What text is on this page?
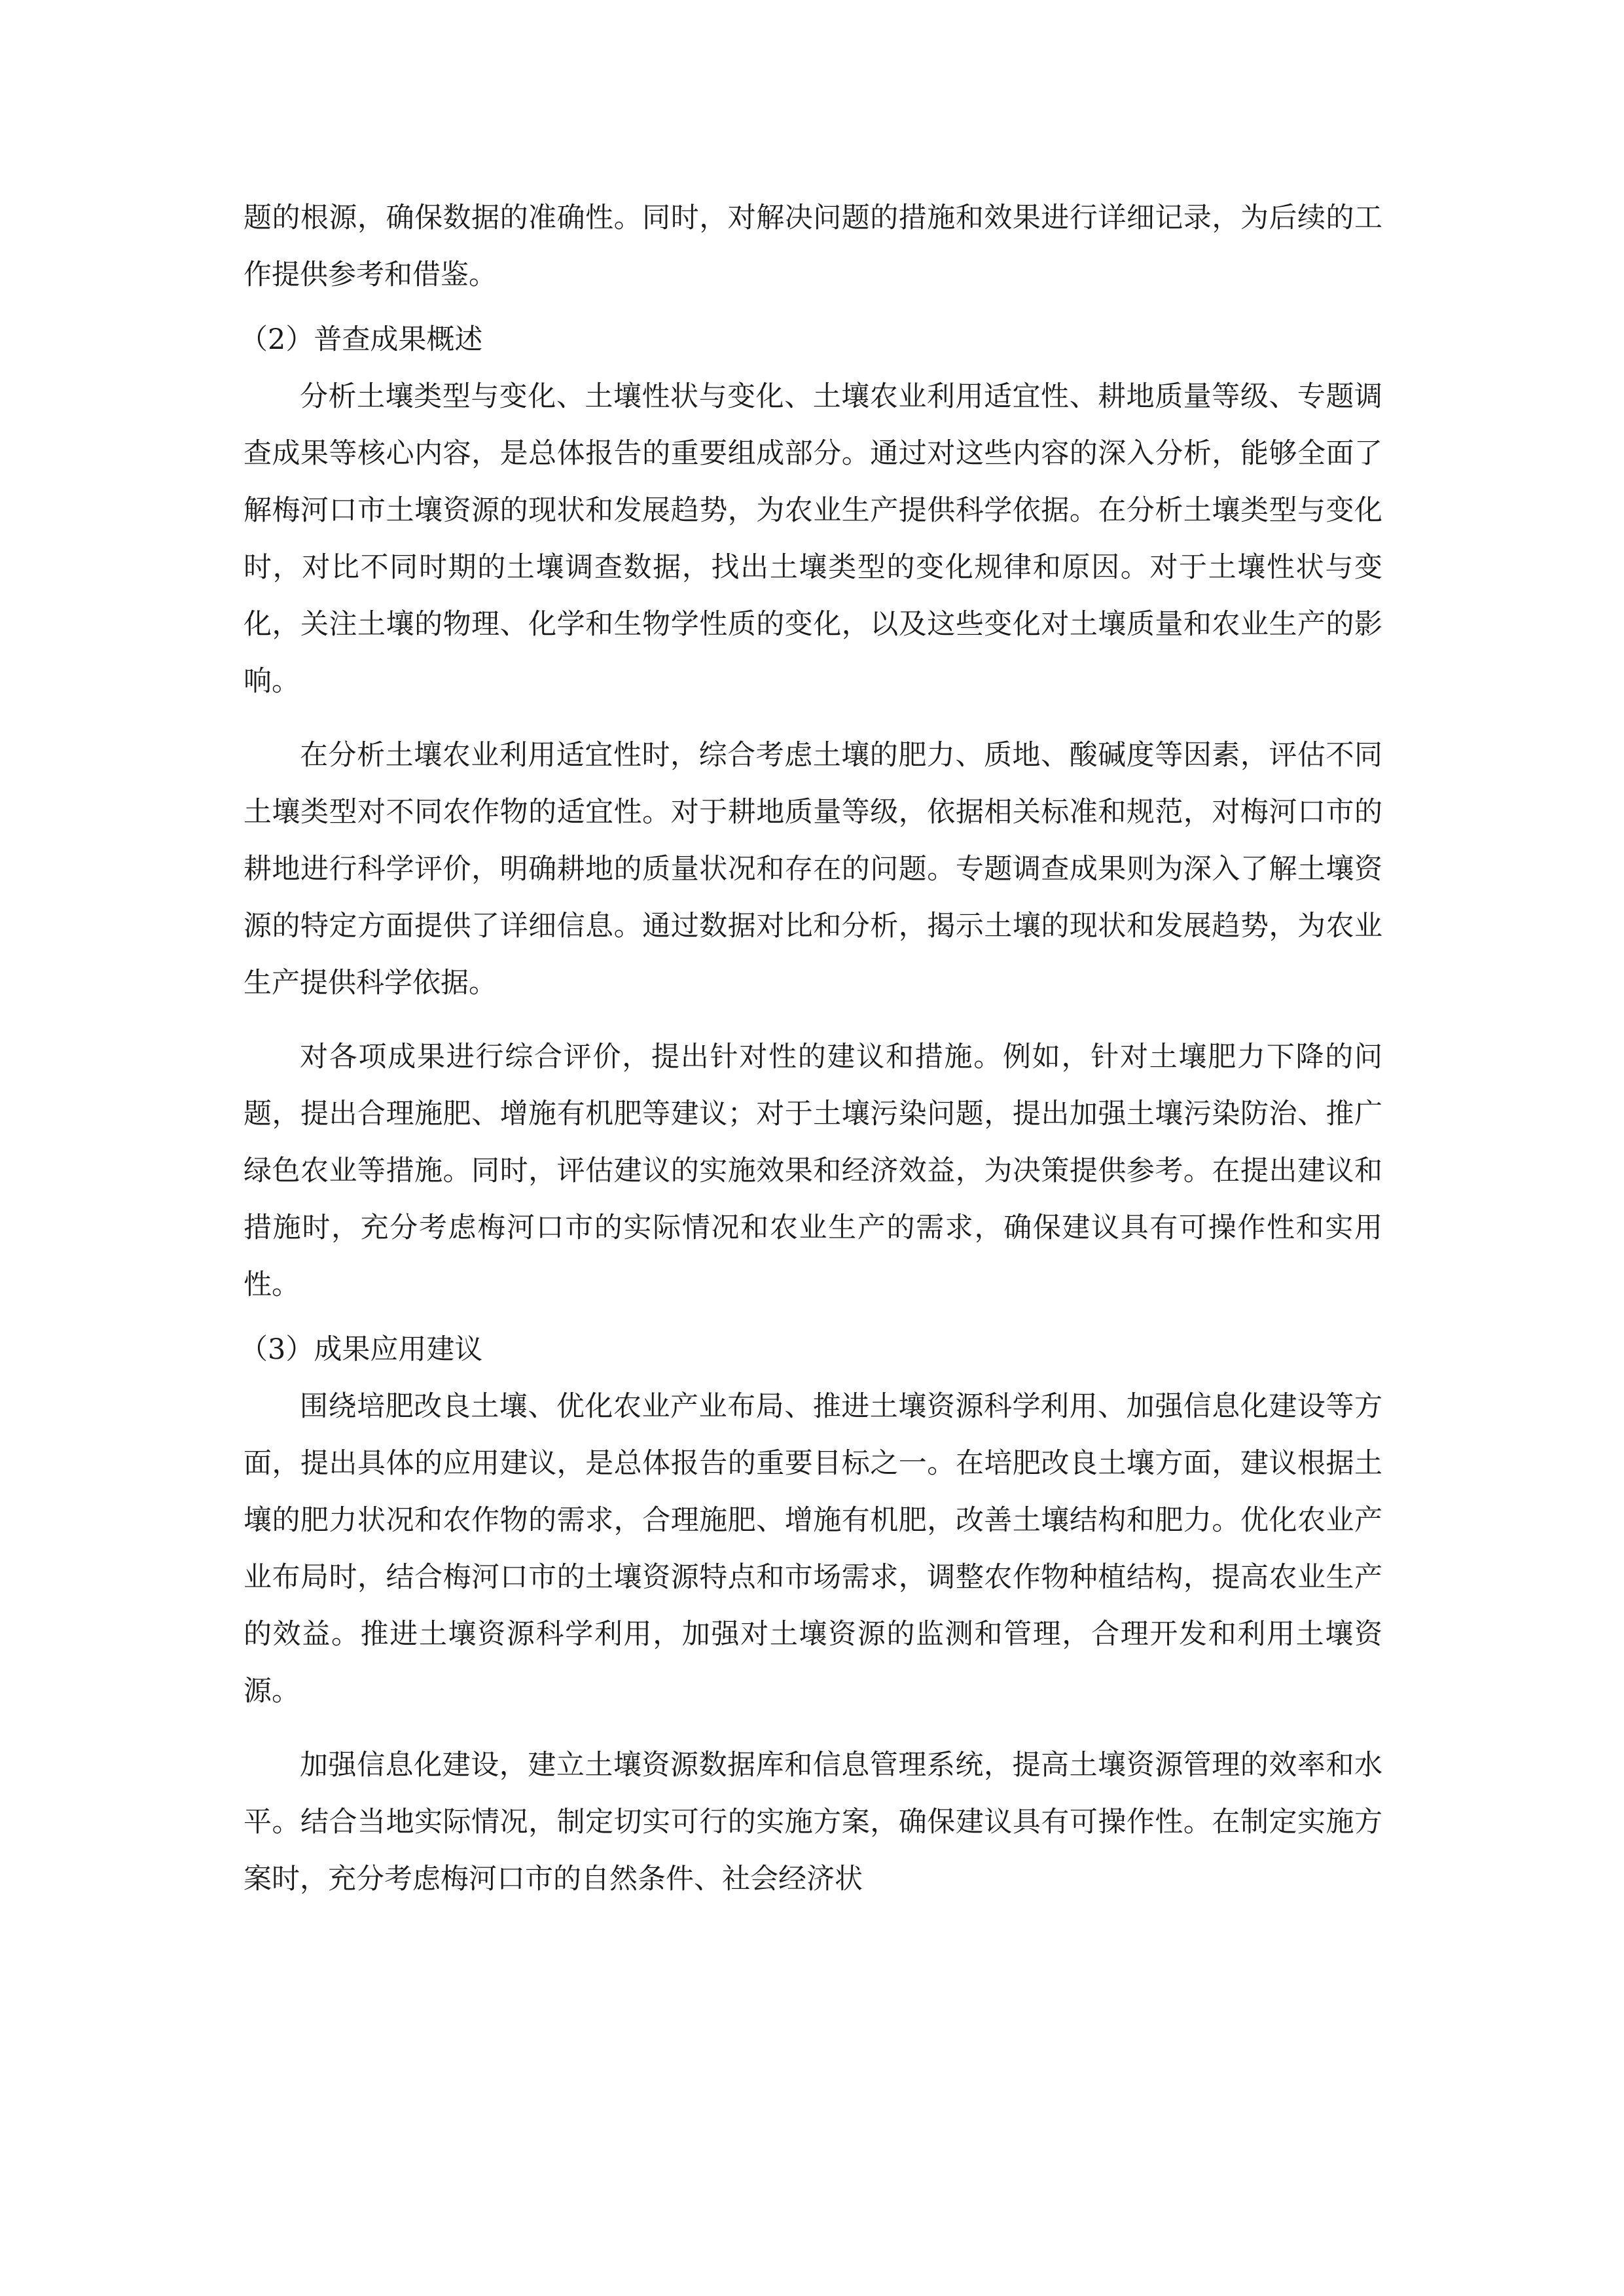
题的根源，确保数据的准确性。同时，对解决问题的措施和效果进行详细记录，为后续的工作提供参考和借鉴。

（2）普查成果概述

分析土壤类型与变化、土壤性状与变化、土壤农业利用适宜性、耕地质量等级、专题调查成果等核心内容，是总体报告的重要组成部分。通过对这些内容的深入分析，能够全面了解梅河口市土壤资源的现状和发展趋势，为农业生产提供科学依据。在分析土壤类型与变化时，对比不同时期的土壤调查数据，找出土壤类型的变化规律和原因。对于土壤性状与变化，关注土壤的物理、化学和生物学性质的变化，以及这些变化对土壤质量和农业生产的影响。

在分析土壤农业利用适宜性时，综合考虑土壤的肥力、质地、酸碱度等因素，评估不同土壤类型对不同农作物的适宜性。对于耕地质量等级，依据相关标准和规范，对梅河口市的耕地进行科学评价，明确耕地的质量状况和存在的问题。专题调查成果则为深入了解土壤资源的特定方面提供了详细信息。通过数据对比和分析，揭示土壤的现状和发展趋势，为农业生产提供科学依据。

对各项成果进行综合评价，提出针对性的建议和措施。例如，针对土壤肥力下降的问题，提出合理施肥、增施有机肥等建议；对于土壤污染问题，提出加强土壤污染防治、推广绿色农业等措施。同时，评估建议的实施效果和经济效益，为决策提供参考。在提出建议和措施时，充分考虑梅河口市的实际情况和农业生产的需求，确保建议具有可操作性和实用性。

（3）成果应用建议

围绕培肥改良土壤、优化农业产业布局、推进土壤资源科学利用、加强信息化建设等方面，提出具体的应用建议，是总体报告的重要目标之一。在培肥改良土壤方面，建议根据土壤的肥力状况和农作物的需求，合理施肥、增施有机肥，改善土壤结构和肥力。优化农业产业布局时，结合梅河口市的土壤资源特点和市场需求，调整农作物种植结构，提高农业生产的效益。推进土壤资源科学利用，加强对土壤资源的监测和管理，合理开发和利用土壤资源。

加强信息化建设，建立土壤资源数据库和信息管理系统，提高土壤资源管理的效率和水平。结合当地实际情况，制定切实可行的实施方案，确保建议具有可操作性。在制定实施方案时，充分考虑梅河口市的自然条件、社会经济状
